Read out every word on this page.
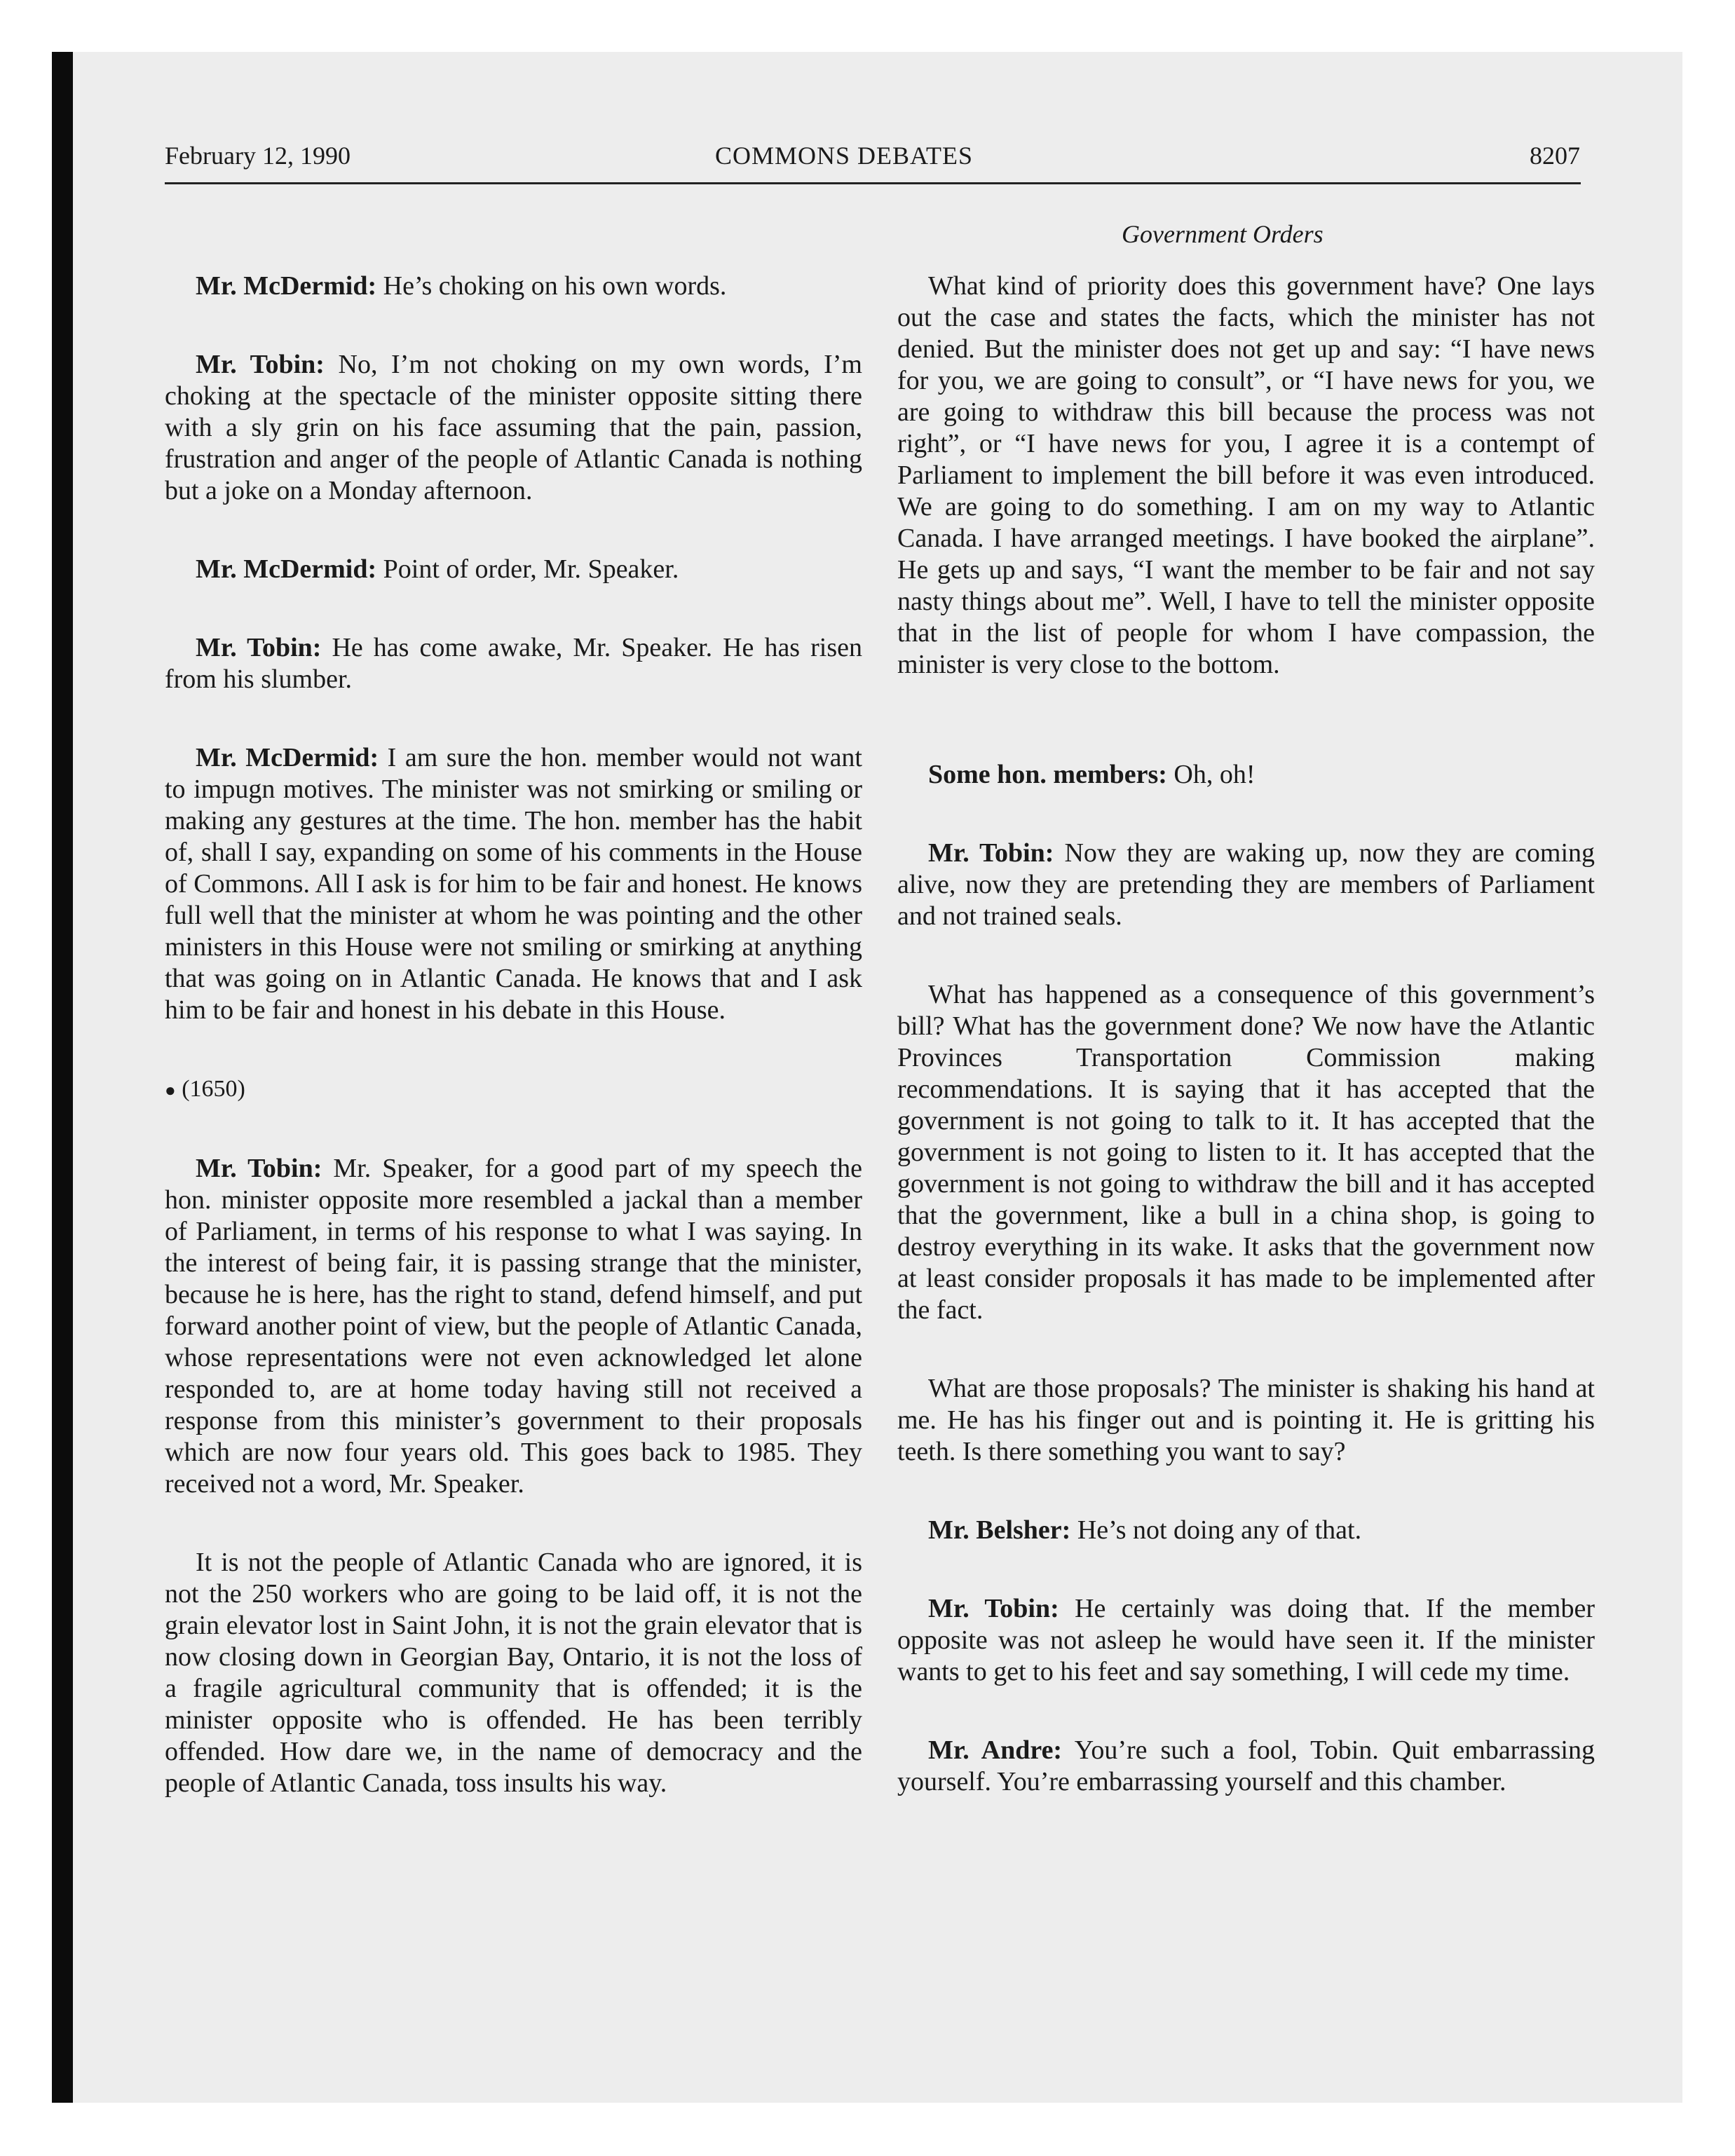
February 12, 1990	COMMONS DEBATES	8207
Government Orders

Mr. McDermid: He’s choking on his own words.

Mr. Tobin: No, I’m not choking on my own words, I’m choking at the spectacle of the minister opposite sitting there with a sly grin on his face assuming that the pain, passion, frustration and anger of the people of Atlantic Canada is nothing but a joke on a Monday afternoon.

Mr. McDermid: Point of order, Mr. Speaker.

Mr. Tobin: He has come awake, Mr. Speaker. He has risen from his slumber.

Mr. McDermid: I am sure the hon. member would not want to impugn motives. The minister was not smirking or smiling or making any gestures at the time. The hon. member has the habit of, shall I say, expanding on some of his comments in the House of Commons. All I ask is for him to be fair and honest. He knows full well that the minister at whom he was pointing and the other ministers in this House were not smiling or smirking at anything that was going on in Atlantic Canada. He knows that and I ask him to be fair and honest in his debate in this House.

● (1650)

Mr. Tobin: Mr. Speaker, for a good part of my speech the hon. minister opposite more resembled a jackal than a member of Parliament, in terms of his response to what I was saying. In the interest of being fair, it is passing strange that the minister, because he is here, has the right to stand, defend himself, and put forward another point of view, but the people of Atlantic Canada, whose representations were not even acknowledged let alone responded to, are at home today having still not received a response from this minister’s government to their proposals which are now four years old. This goes back to 1985. They received not a word, Mr. Speaker.

It is not the people of Atlantic Canada who are ignored, it is not the 250 workers who are going to be laid off, it is not the grain elevator lost in Saint John, it is not the grain elevator that is now closing down in Georgian Bay, Ontario, it is not the loss of a fragile agricultural community that is offended; it is the minister opposite who is offended. He has been terribly offended. How dare we, in the name of democracy and the people of Atlantic Canada, toss insults his way.

What kind of priority does this government have? One lays out the case and states the facts, which the minister has not denied. But the minister does not get up and say: “I have news for you, we are going to consult”, or “I have news for you, we are going to withdraw this bill because the process was not right”, or “I have news for you, I agree it is a contempt of Parliament to implement the bill before it was even introduced. We are going to do something. I am on my way to Atlantic Canada. I have arranged meetings. I have booked the airplane”. He gets up and says, “I want the member to be fair and not say nasty things about me”. Well, I have to tell the minister opposite that in the list of people for whom I have compassion, the minister is very close to the bottom.

Some hon. members: Oh, oh!

Mr. Tobin: Now they are waking up, now they are coming alive, now they are pretending they are members of Parliament and not trained seals.

What has happened as a consequence of this government’s bill? What has the government done? We now have the Atlantic Provinces Transportation Commission making recommendations. It is saying that it has accepted that the government is not going to talk to it. It has accepted that the government is not going to listen to it. It has accepted that the government is not going to withdraw the bill and it has accepted that the government, like a bull in a china shop, is going to destroy everything in its wake. It asks that the government now at least consider proposals it has made to be implemented after the fact.

What are those proposals? The minister is shaking his hand at me. He has his finger out and is pointing it. He is gritting his teeth. Is there something you want to say?

Mr. Belsher: He’s not doing any of that.

Mr. Tobin: He certainly was doing that. If the member opposite was not asleep he would have seen it. If the minister wants to get to his feet and say something, I will cede my time.

Mr. Andre: You’re such a fool, Tobin. Quit embarrassing yourself. You’re embarrassing yourself and this chamber.
